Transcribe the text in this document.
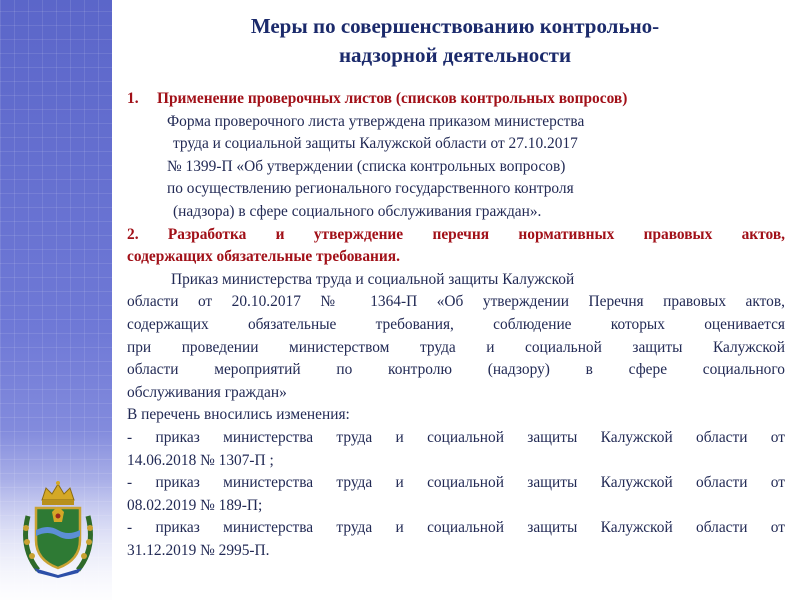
Меры по совершенствованию контрольно-
надзорной деятельности

1.	Применение проверочных листов (списков контрольных вопросов)

Форма проверочного листа утверждена приказом министерства

труда и социальной защиты Калужской области от 27.10.2017

№ 1399-П «Об утверждении (списка контрольных вопросов)

по осуществлению регионального государственного контроля

(надзора) в сфере социального обслуживания граждан».

2. Разработка и утверждение перечня нормативных правовых актов,

содержащих обязательные требования.

Приказ министерства труда и социальной защиты Калужской

области от 20.10.2017 № 1364-П «Об утверждении Перечня правовых актов,

содержащих обязательные требования, соблюдение которых оценивается

при проведении министерством труда и социальной защиты Калужской

области мероприятий по контролю (надзору) в сфере социального

обслуживания граждан»

В перечень вносились изменения:

- приказ министерства труда и социальной защиты Калужской области от

14.06.2018 № 1307-П ;

- приказ министерства труда и социальной защиты Калужской области от

08.02.2019 № 189-П;

- приказ министерства труда и социальной защиты Калужской области от

31.12.2019 № 2995-П.
